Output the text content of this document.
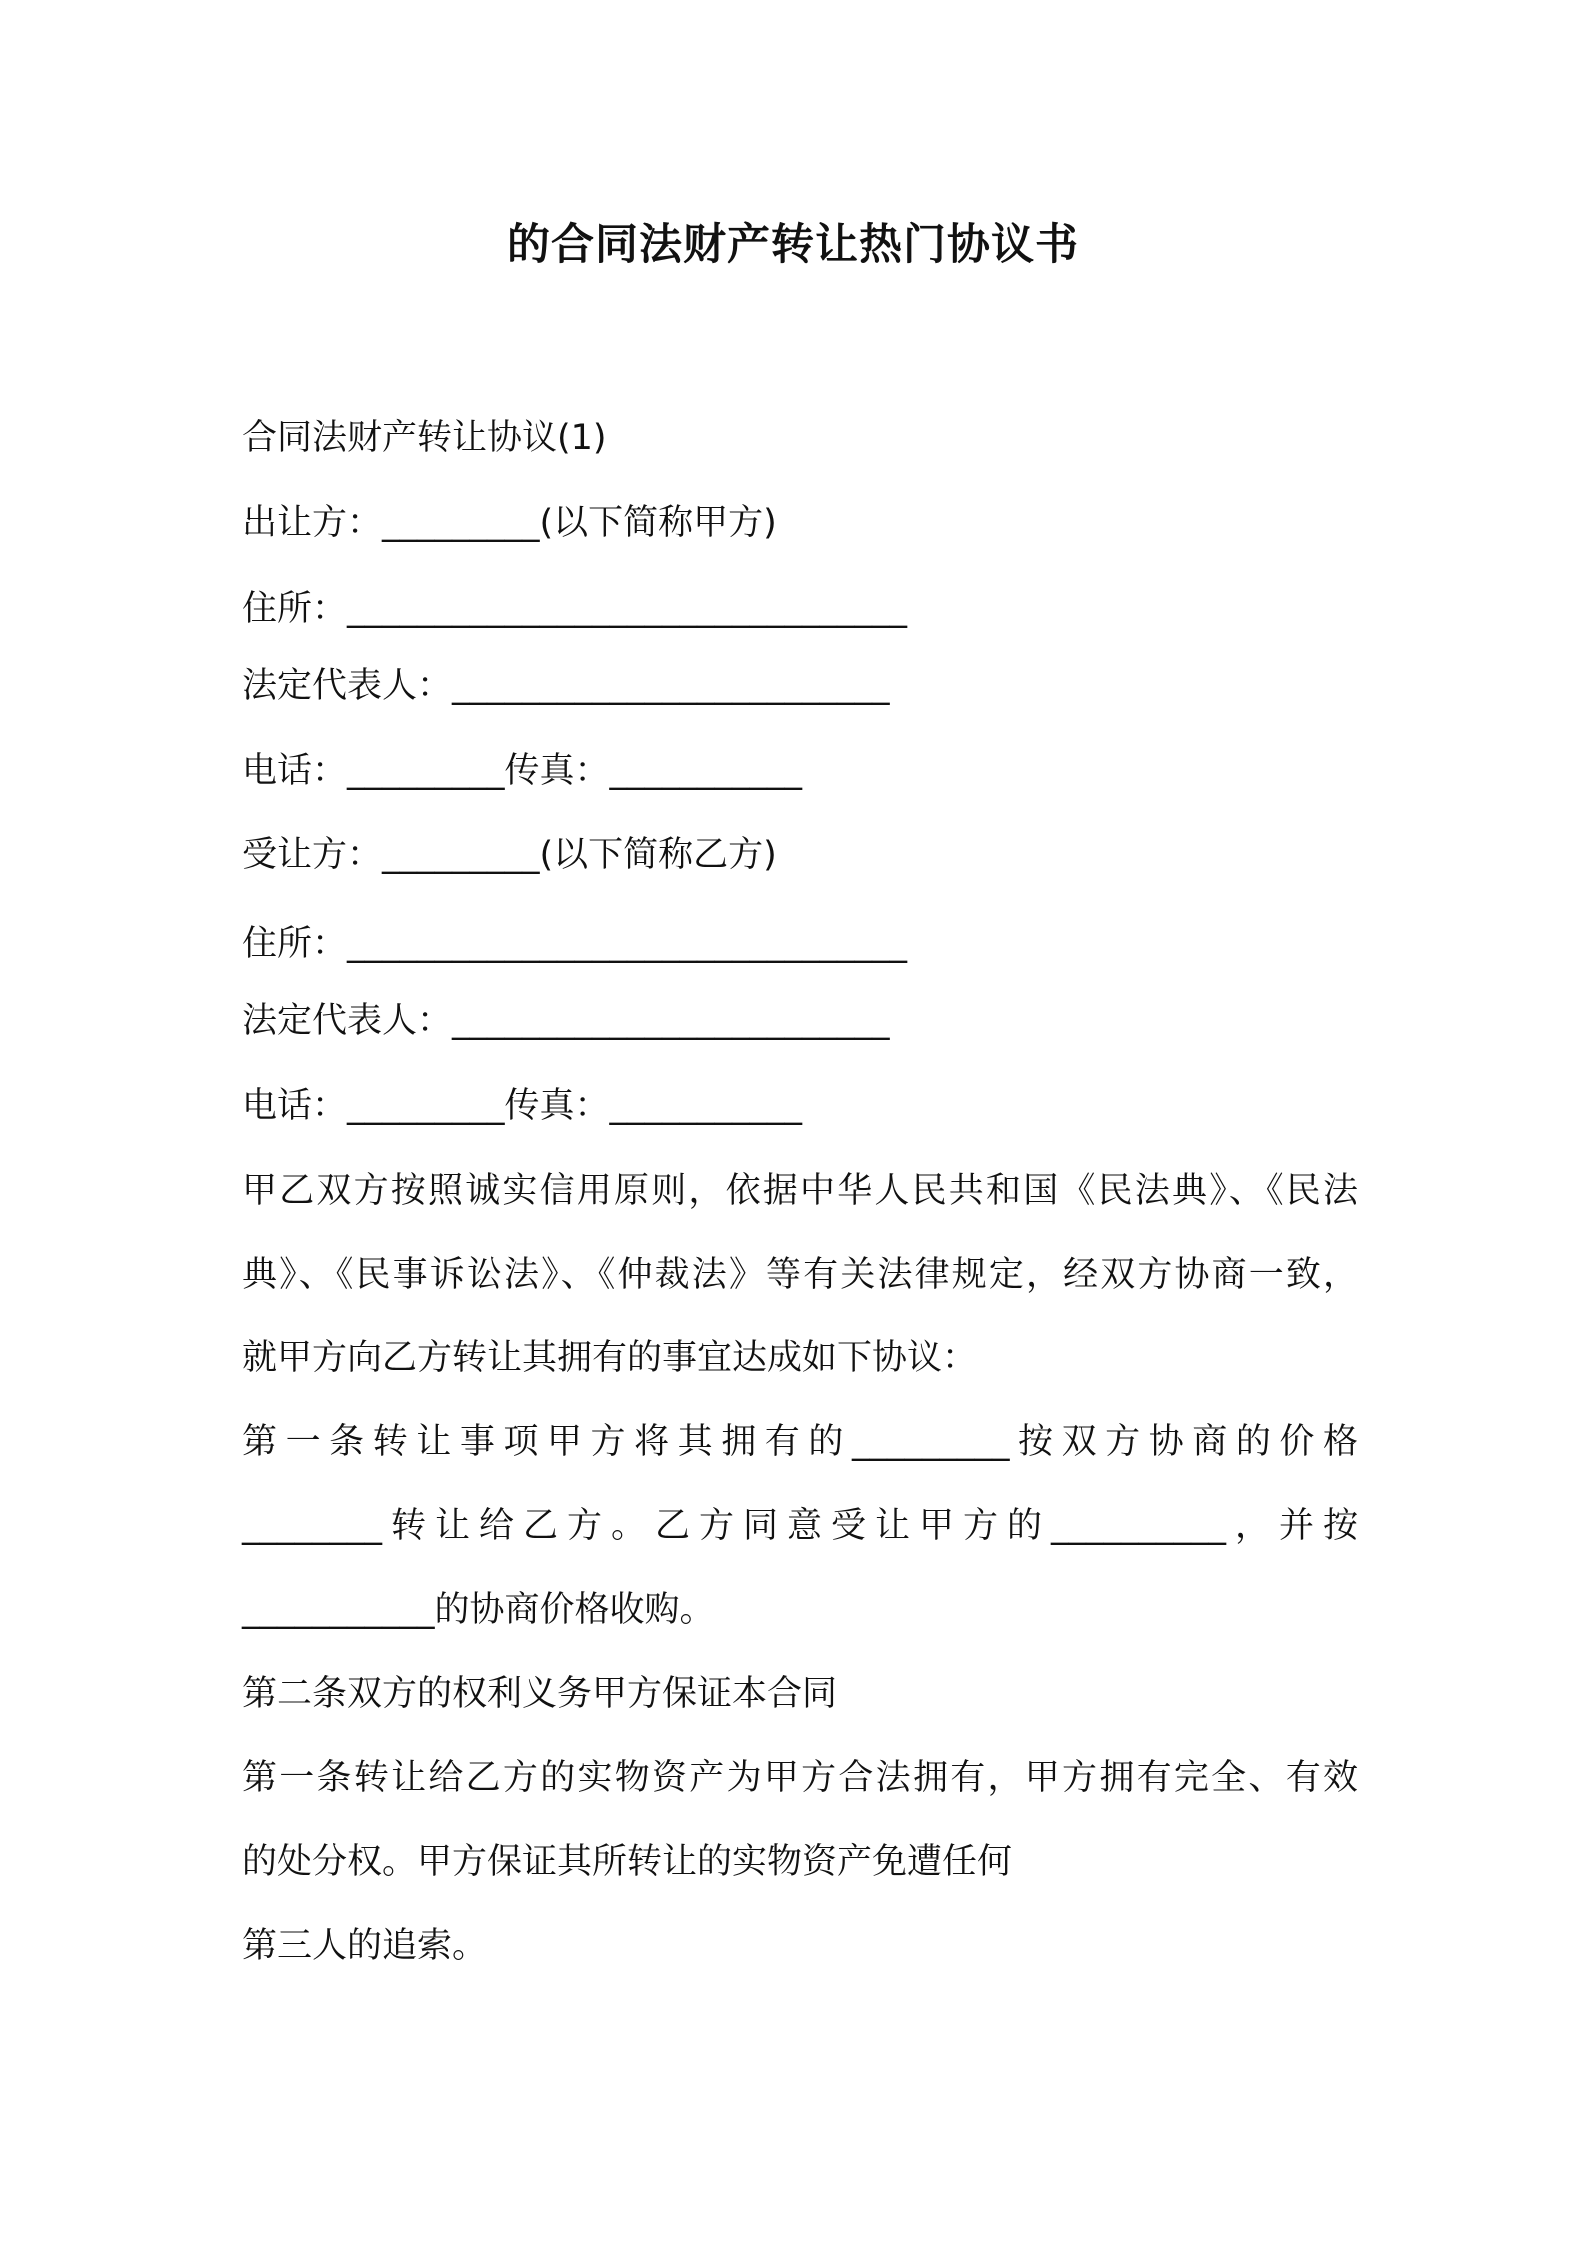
的合同法财产转让热门协议书
合同法财产转让协议(1)
出让方：_________(以下简称甲方)
住所：________________________________
法定代表人：_________________________
电话：_________传真：___________
受让方：_________(以下简称乙方)
住所：________________________________
法定代表人：_________________________
电话：_________传真：___________
甲乙双方按照诚实信用原则，依据中华人民共和国《民法典》、《民法
典》、《民事诉讼法》、《仲裁法》等有关法律规定，经双方协商一致，
就甲方向乙方转让其拥有的事宜达成如下协议：
第一条转让事项甲方将其拥有的_________按双方协商的价格
________转让给乙方。乙方同意受让甲方的__________，并按
___________的协商价格收购。
第二条双方的权利义务甲方保证本合同
第一条转让给乙方的实物资产为甲方合法拥有，甲方拥有完全、有效
的处分权。甲方保证其所转让的实物资产免遭任何
第三人的追索。
